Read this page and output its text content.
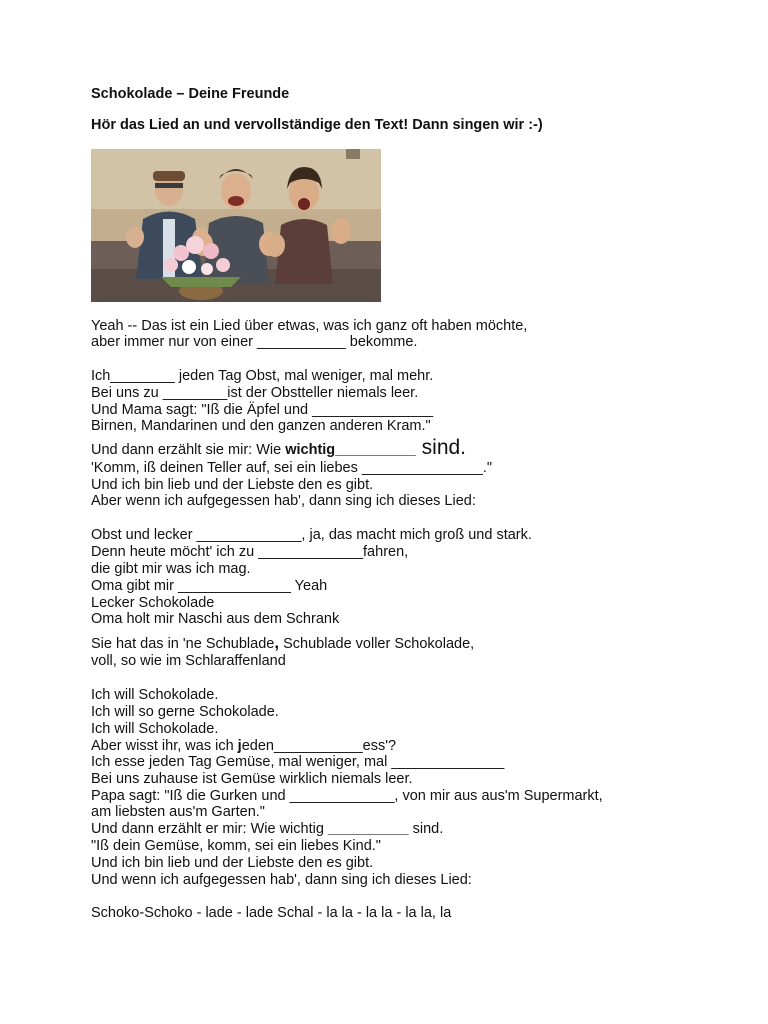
Schokolade – Deine Freunde
Hör das Lied an und vervollständige den Text! Dann singen wir :-)
Yeah -- Das ist ein Lied über etwas, was ich ganz oft haben möchte,
aber immer nur von einer ___________ bekomme.
Ich________ jeden Tag Obst, mal weniger, mal mehr.
Bei uns zu ________ist der Obstteller niemals leer.
Und Mama sagt: "Iß die Äpfel und _______________
Birnen, Mandarinen und den ganzen anderen Kram."
Und dann erzählt sie mir: Wie wichtig__________ sind.
'Komm, iß deinen Teller auf, sei ein liebes _______________."
Und ich bin lieb und der Liebste den es gibt.
Aber wenn ich aufgegessen hab', dann sing ich dieses Lied:
Obst und lecker _____________, ja, das macht mich groß und stark.
Denn heute möcht' ich zu _____________fahren,
die gibt mir was ich mag.
Oma gibt mir ______________ Yeah
Lecker Schokolade
Oma holt mir Naschi aus dem Schrank
Sie hat das in 'ne Schublade, Schublade voller Schokolade,
voll, so wie im Schlaraffenland
Ich will Schokolade.
Ich will so gerne Schokolade.
Ich will Schokolade.
Aber wisst ihr, was ich jeden___________ess'?
Ich esse jeden Tag Gemüse, mal weniger, mal ______________
Bei uns zuhause ist Gemüse wirklich niemals leer.
Papa sagt: "Iß die Gurken und _____________, von mir aus aus'm Supermarkt,
am liebsten aus'm Garten."
Und dann erzählt er mir: Wie wichtig __________ sind.
"Iß dein Gemüse, komm, sei ein liebes Kind."
Und ich bin lieb und der Liebste den es gibt.
Und wenn ich aufgegessen hab', dann sing ich dieses Lied:
Schoko-Schoko - lade - lade Schal - la la - la la - la la, la
